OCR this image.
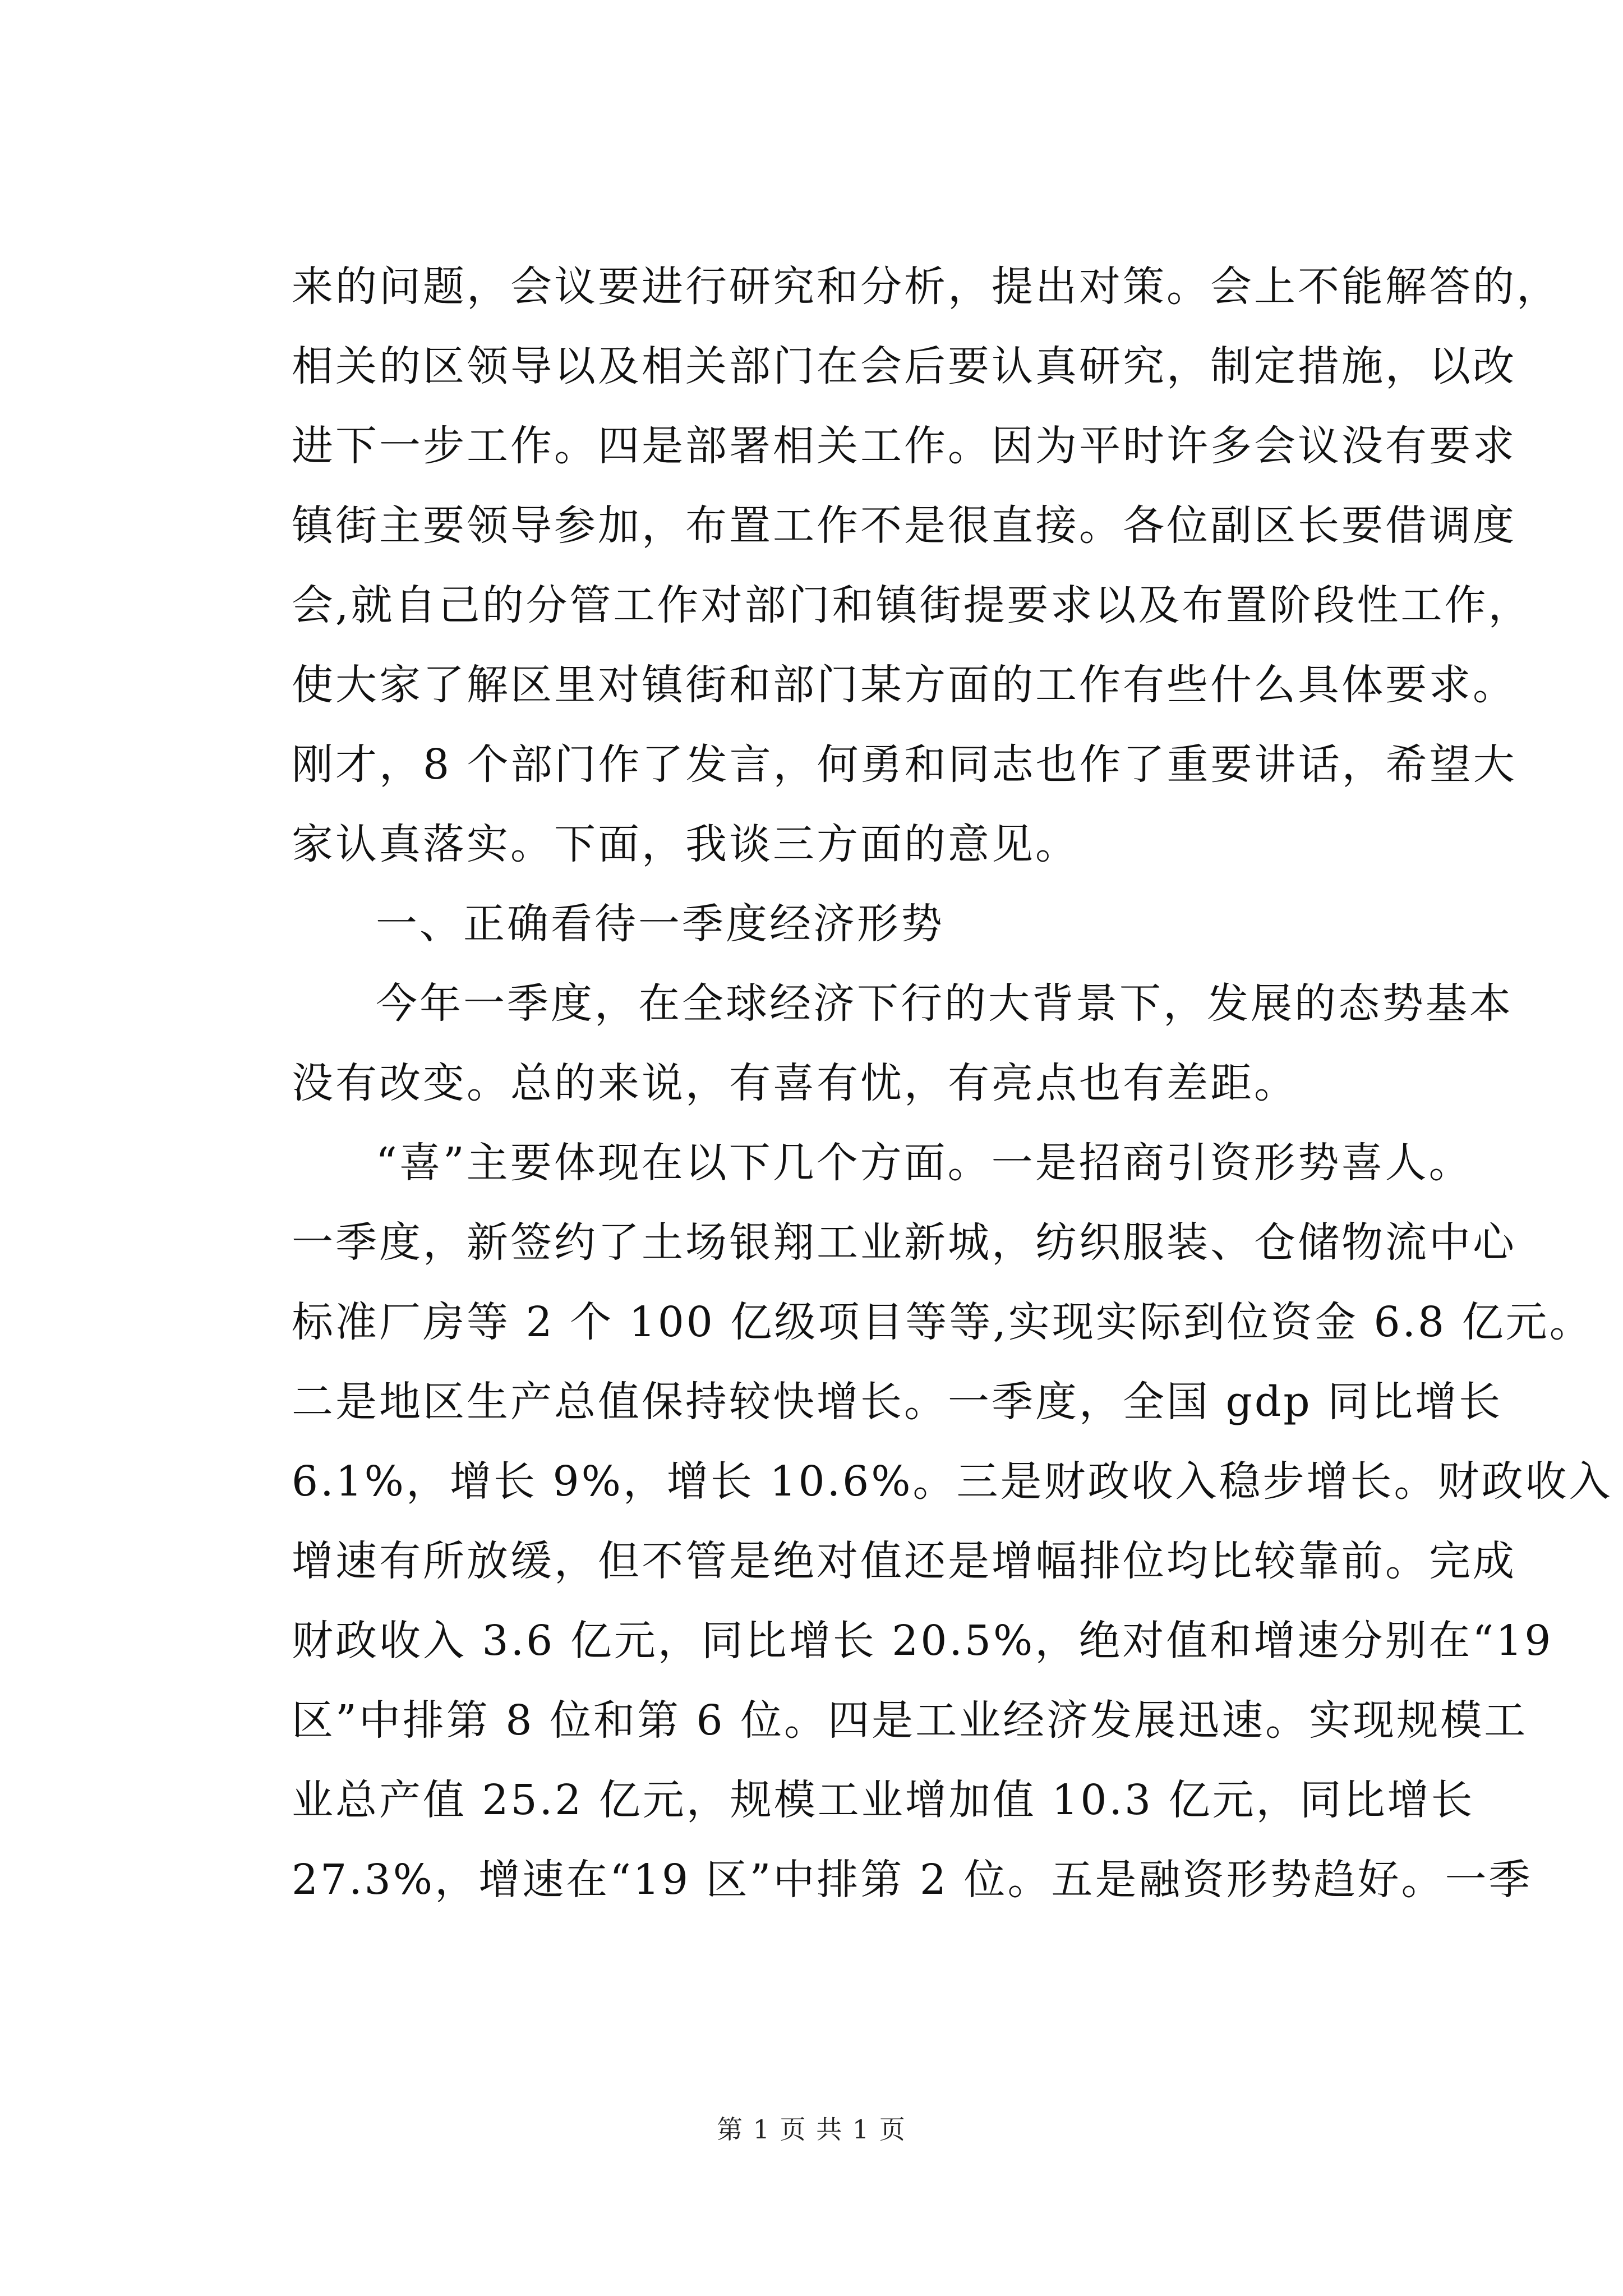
来的问题，会议要进行研究和分析，提出对策。会上不能解答的，
相关的区领导以及相关部门在会后要认真研究，制定措施，以改
进下一步工作。四是部署相关工作。因为平时许多会议没有要求
镇街主要领导参加，布置工作不是很直接。各位副区长要借调度
会,就自己的分管工作对部门和镇街提要求以及布置阶段性工作，
使大家了解区里对镇街和部门某方面的工作有些什么具体要求。
刚才，8 个部门作了发言，何勇和同志也作了重要讲话，希望大
家认真落实。下面，我谈三方面的意见。
一、正确看待一季度经济形势
今年一季度，在全球经济下行的大背景下，发展的态势基本
没有改变。总的来说，有喜有忧，有亮点也有差距。
“喜”主要体现在以下几个方面。一是招商引资形势喜人。
一季度，新签约了土场银翔工业新城，纺织服装、仓储物流中心
标准厂房等 2 个 100 亿级项目等等,实现实际到位资金 6.8 亿元。
二是地区生产总值保持较快增长。一季度，全国 gdp 同比增长
6.1%，增长 9%，增长 10.6%。三是财政收入稳步增长。财政收入
增速有所放缓，但不管是绝对值还是增幅排位均比较靠前。完成
财政收入 3.6 亿元，同比增长 20.5%，绝对值和增速分别在“19
区”中排第 8 位和第 6 位。四是工业经济发展迅速。实现规模工
业总产值 25.2 亿元，规模工业增加值 10.3 亿元，同比增长
27.3%，增速在“19 区”中排第 2 位。五是融资形势趋好。一季
第 1 页 共 1 页
